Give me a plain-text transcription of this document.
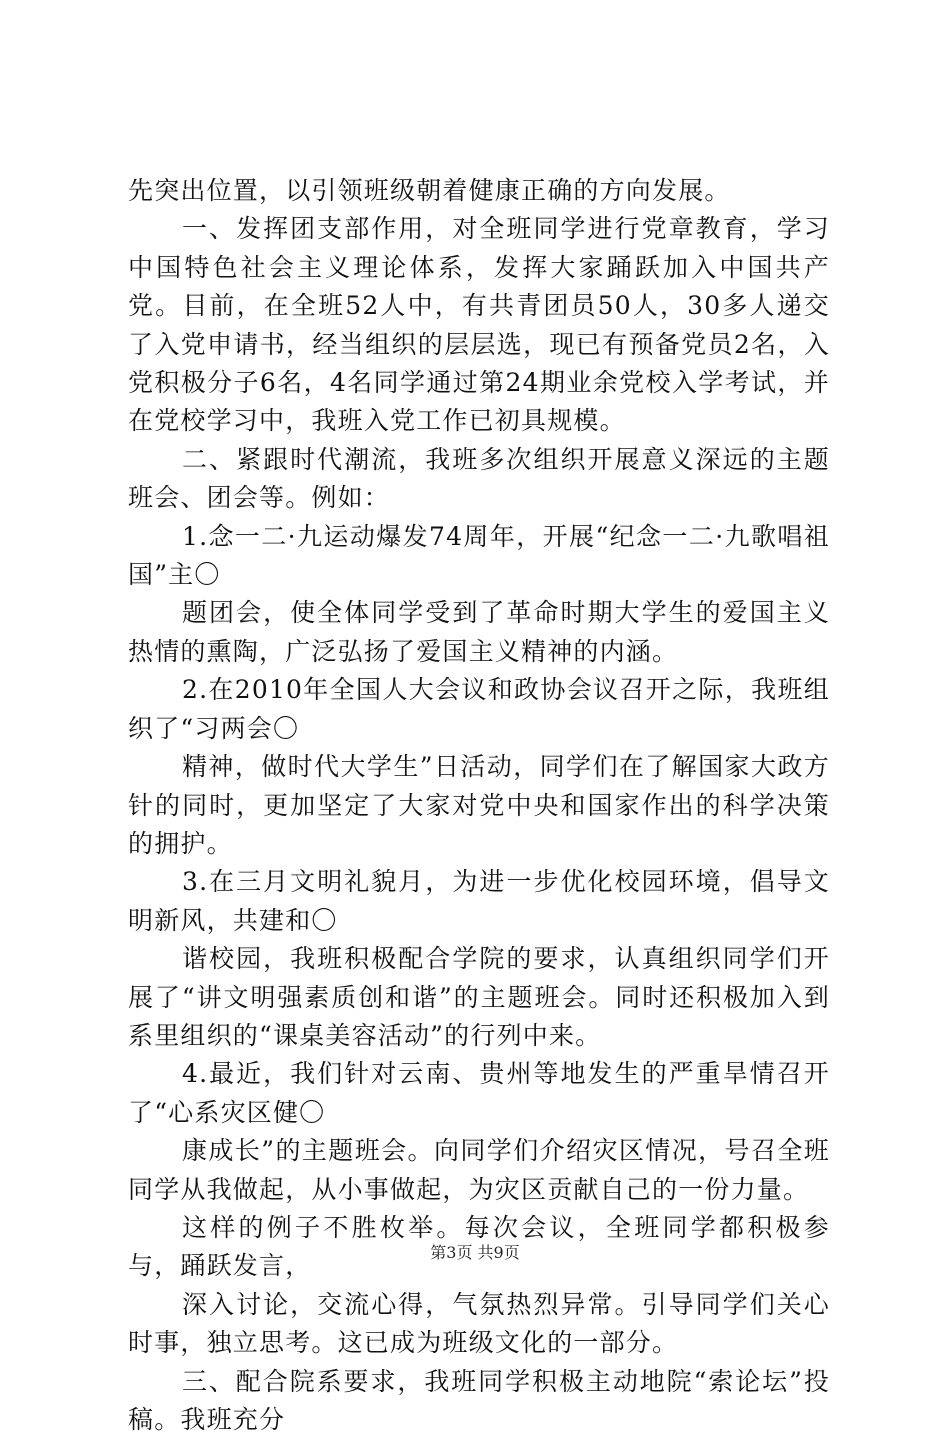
先突出位置，以引领班级朝着健康正确的方向发展。

一、发挥团支部作用，对全班同学进行党章教育，学习中国特色社会主义理论体系，发挥大家踊跃加入中国共产党。目前，在全班52人中，有共青团员50人，30多人递交了入党申请书，经当组织的层层选，现已有预备党员2名，入党积极分子6名，4名同学通过第24期业余党校入学考试，并在党校学习中，我班入党工作已初具规模。

二、紧跟时代潮流，我班多次组织开展意义深远的主题班会、团会等。例如：

1.念一二·九运动爆发74周年，开展“纪念一二·九歌唱祖国”主〇

题团会，使全体同学受到了革命时期大学生的爱国主义热情的熏陶，广泛弘扬了爱国主义精神的内涵。

2.在2010年全国人大会议和政协会议召开之际，我班组织了“习两会〇

精神，做时代大学生”日活动，同学们在了解国家大政方针的同时，更加坚定了大家对党中央和国家作出的科学决策的拥护。

3.在三月文明礼貌月，为进一步优化校园环境，倡导文明新风，共建和〇

谐校园，我班积极配合学院的要求，认真组织同学们开展了“讲文明强素质创和谐”的主题班会。同时还积极加入到系里组织的“课桌美容活动”的行列中来。

4.最近，我们针对云南、贵州等地发生的严重旱情召开了“心系灾区健〇

康成长”的主题班会。向同学们介绍灾区情况，号召全班同学从我做起，从小事做起，为灾区贡献自己的一份力量。

这样的例子不胜枚举。每次会议，全班同学都积极参与，踊跃发言，

深入讨论，交流心得，气氛热烈异常。引导同学们关心时事，独立思考。这已成为班级文化的一部分。

三、配合院系要求，我班同学积极主动地院“索论坛”投稿。我班充分

第3页 共9页
